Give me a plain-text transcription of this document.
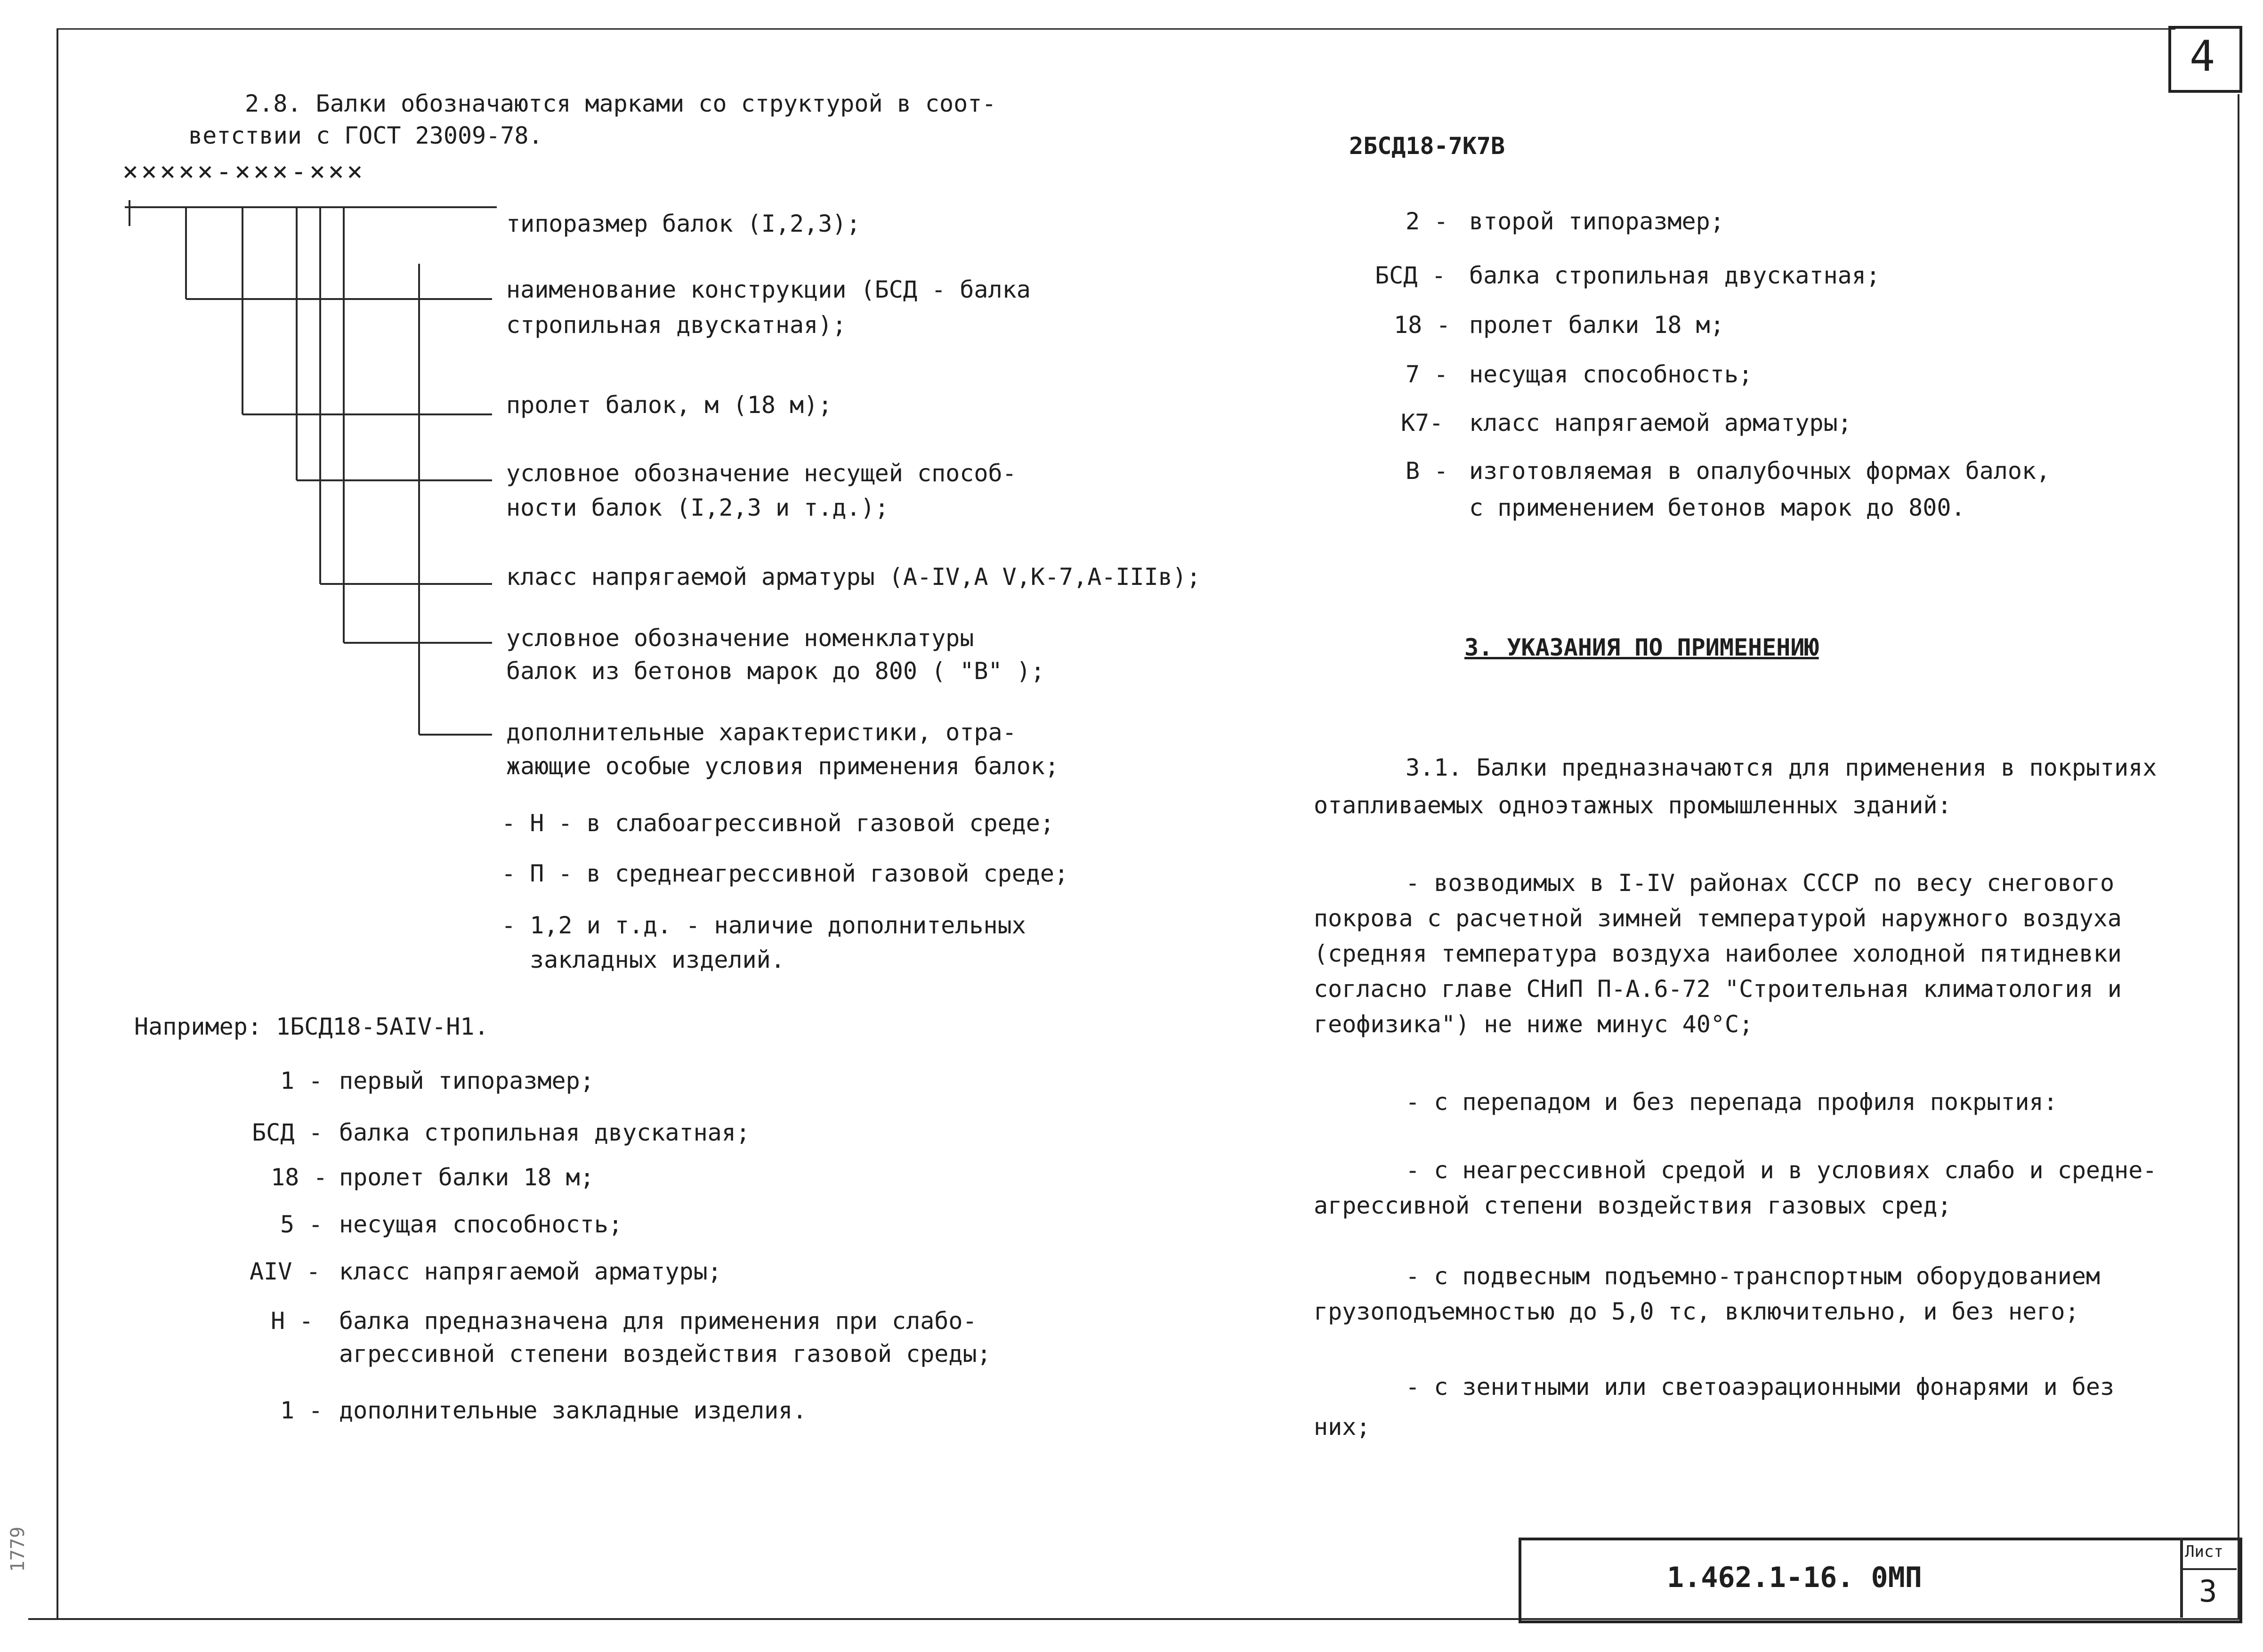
4
1.462.1-16. 0МП
Лист
3
1779
2.8. Балки обозначаются марками со структурой в соот-
ветствии с ГОСТ 23009-78.
×××××-×××-×××
типоразмер балок (I,2,3);
наименование конструкции (БСД - балка
стропильная двускатная);
пролет балок, м (18 м);
условное обозначение несущей способ-
ности балок (I,2,3 и т.д.);
класс напрягаемой арматуры (А-IV,А V,К-7,А-IIIв);
условное обозначение номенклатуры
балок из бетонов марок до 800 ( "В" );
дополнительные характеристики, отра-
жающие особые условия применения балок;
- Н - в слабоагрессивной газовой среде;
- П - в среднеагрессивной газовой среде;
- 1,2 и т.д. - наличие дополнительных
закладных изделий.
Например: 1БСД18-5АIV-Н1.
1 - первый типоразмер;
БСД - балка стропильная двускатная;
18 - пролет балки 18 м;
5 - несущая способность;
АIV - класс напрягаемой арматуры;
Н - балка предназначена для применения при слабо-
агрессивной степени воздействия газовой среды;
1 - дополнительные закладные изделия.
2БСД18-7К7В
2 - второй типоразмер;
БСД - балка стропильная двускатная;
18 - пролет балки 18 м;
7 - несущая способность;
К7- класс напрягаемой арматуры;
В - изготовляемая в опалубочных формах балок,
с применением бетонов марок до 800.
3. УКАЗАНИЯ ПО ПРИМЕНЕНИЮ
3.1. Балки предназначаются для применения в покрытиях
отапливаемых одноэтажных промышленных зданий:
- возводимых в I-IV районах СССР по весу снегового
покрова с расчетной зимней температурой наружного воздуха
(средняя температура воздуха наиболее холодной пятидневки
согласно главе СНиП П-А.6-72 "Строительная климатология и
геофизика") не ниже минус 40°С;
- с перепадом и без перепада профиля покрытия:
- с неагрессивной средой и в условиях слабо и средне-
агрессивной степени воздействия газовых сред;
- с подвесным подъемно-транспортным оборудованием
грузоподъемностью до 5,0 тс, включительно, и без него;
- с зенитными или светоаэрационными фонарями и без
них;
